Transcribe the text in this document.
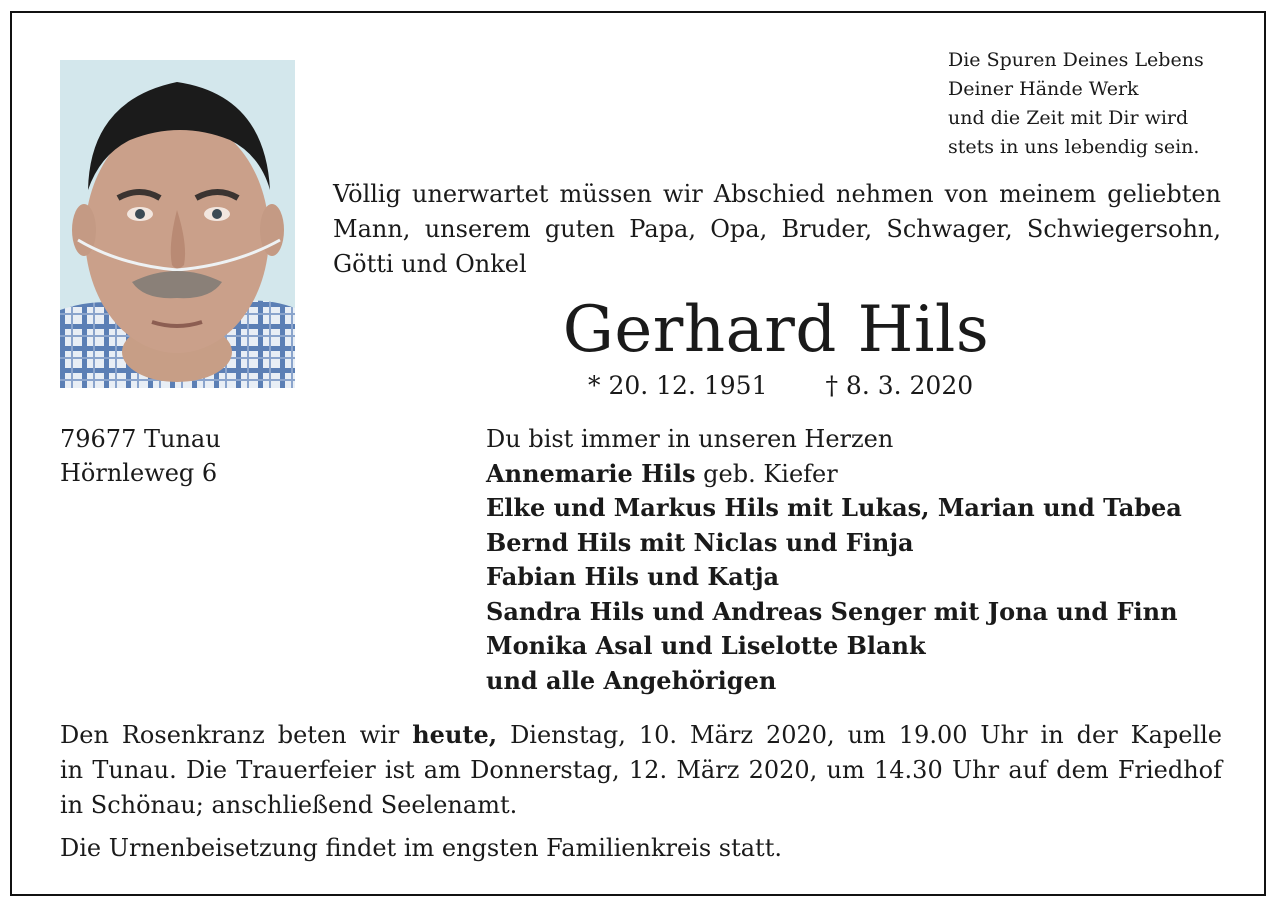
Die Spuren Deines Lebens
Deiner Hände Werk
und die Zeit mit Dir wird
stets in uns lebendig sein.
Völlig unerwartet müssen wir Abschied nehmen von meinem geliebten
Mann, unserem guten Papa, Opa, Bruder, Schwager, Schwiegersohn,
Götti und Onkel
Gerhard Hils
* 20. 12. 1951 † 8. 3. 2020
79677 Tunau
Hörnleweg 6
Du bist immer in unseren Herzen
Annemarie Hils geb. Kiefer
Elke und Markus Hils mit Lukas, Marian und Tabea
Bernd Hils mit Niclas und Finja
Fabian Hils und Katja
Sandra Hils und Andreas Senger mit Jona und Finn
Monika Asal und Liselotte Blank
und alle Angehörigen
Den Rosenkranz beten wir heute, Dienstag, 10. März 2020, um 19.00 Uhr in der Kapelle
in Tunau. Die Trauerfeier ist am Donnerstag, 12. März 2020, um 14.30 Uhr auf dem Friedhof
in Schönau; anschließend Seelenamt.
Die Urnenbeisetzung findet im engsten Familienkreis statt.
